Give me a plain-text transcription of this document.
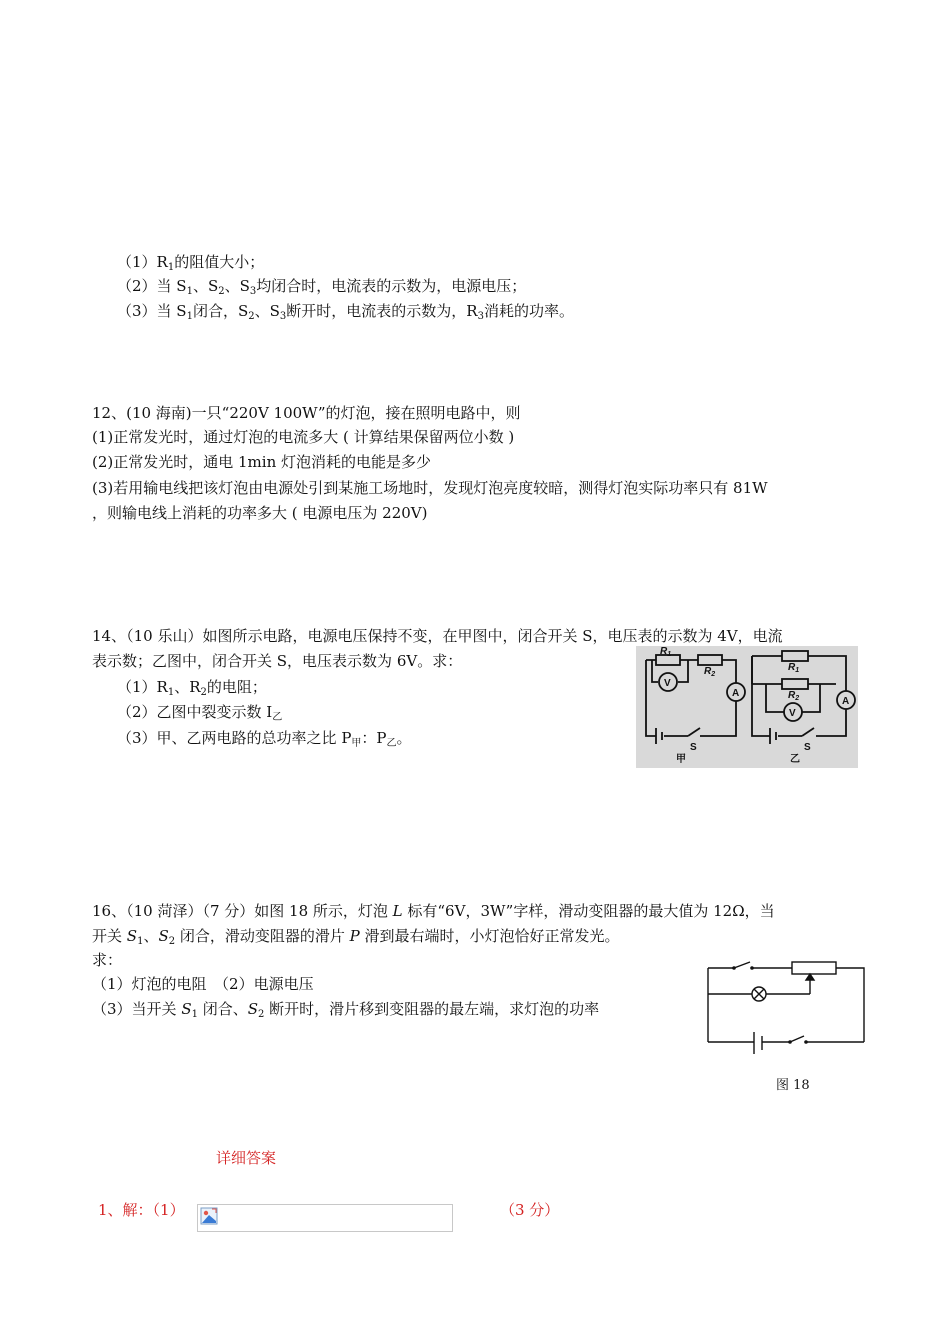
$(1)R_1$的阻值大小；
（2）当 $S_1$、$S_2$、$S_3$均闭合时，电流表的示数为，电源电压；
（3）当 $S_1$闭合，$S_2$、$S_3$断开时，电流表的示数为，$R_3$消耗的功率。
12、(10 海南)一只“220V 100W”的灯泡，接在照明电路中，则
(1)正常发光时，通过灯泡的电流多大 ( 计算结果保留两位小数 )
(2)正常发光时，通电 1min 灯泡消耗的电能是多少
(3)若用输电线把该灯泡由电源处引到某施工场地时，发现灯泡亮度较暗，测得灯泡实际功率只有 81W
，则输电线上消耗的功率多大 ( 电源电压为 220V)
14、（10 乐山）如图所示电路，电源电压保持不变，在甲图中，闭合开关 S，电压表的示数为 4V，电流
表示数；乙图中，闭合开关 S，电压表示数为 6V。求：
$(1)R_1$、$R_2$的电阻；
（2）乙图中裂变示数 $I_乙$
（3）甲、乙两电路的总功率之比 $P_甲$：$P_乙$。
$R_1$
$R_2$
V
A
S
甲
$R_1$
$R_2$
V
A
S
乙
16、（10 菏泽）（7 分）如图 18 所示，灯泡 L 标有“6V，3W”字样，滑动变阻器的最大值为 12Ω，当
开关 $S_1$、$S_2$ 闭合，滑动变阻器的滑片 P 滑到最右端时，小灯泡恰好正常发光。
求：
（1）灯泡的电阻　（2）电源电压
（3）当开关 $S_1$ 闭合、$S_2$ 断开时，滑片移到变阻器的最左端，求灯泡的功率
图 18
详细答案
1、解：（1）	（3 分）
